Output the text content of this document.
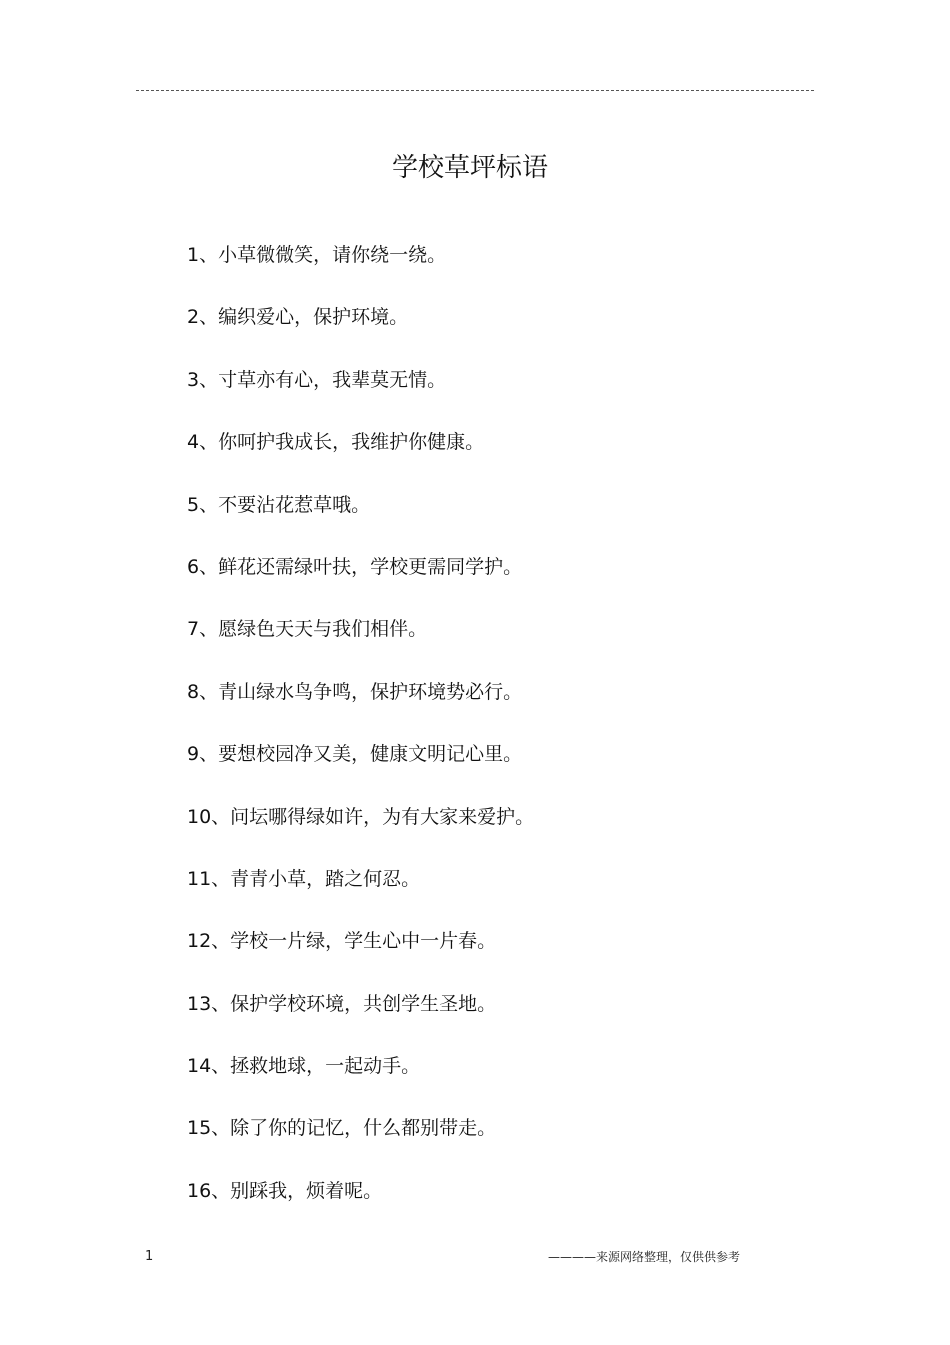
学校草坪标语
1、小草微微笑，请你绕一绕。
2、编织爱心，保护环境。
3、寸草亦有心，我辈莫无情。
4、你呵护我成长，我维护你健康。
5、不要沾花惹草哦。
6、鲜花还需绿叶扶，学校更需同学护。
7、愿绿色天天与我们相伴。
8、青山绿水鸟争鸣，保护环境势必行。
9、要想校园净又美，健康文明记心里。
10、问坛哪得绿如许，为有大家来爱护。
11、青青小草，踏之何忍。
12、学校一片绿，学生心中一片春。
13、保护学校环境，共创学生圣地。
14、拯救地球，一起动手。
15、除了你的记忆，什么都别带走。
16、别踩我，烦着呢。
1	————来源网络整理，仅供供参考
